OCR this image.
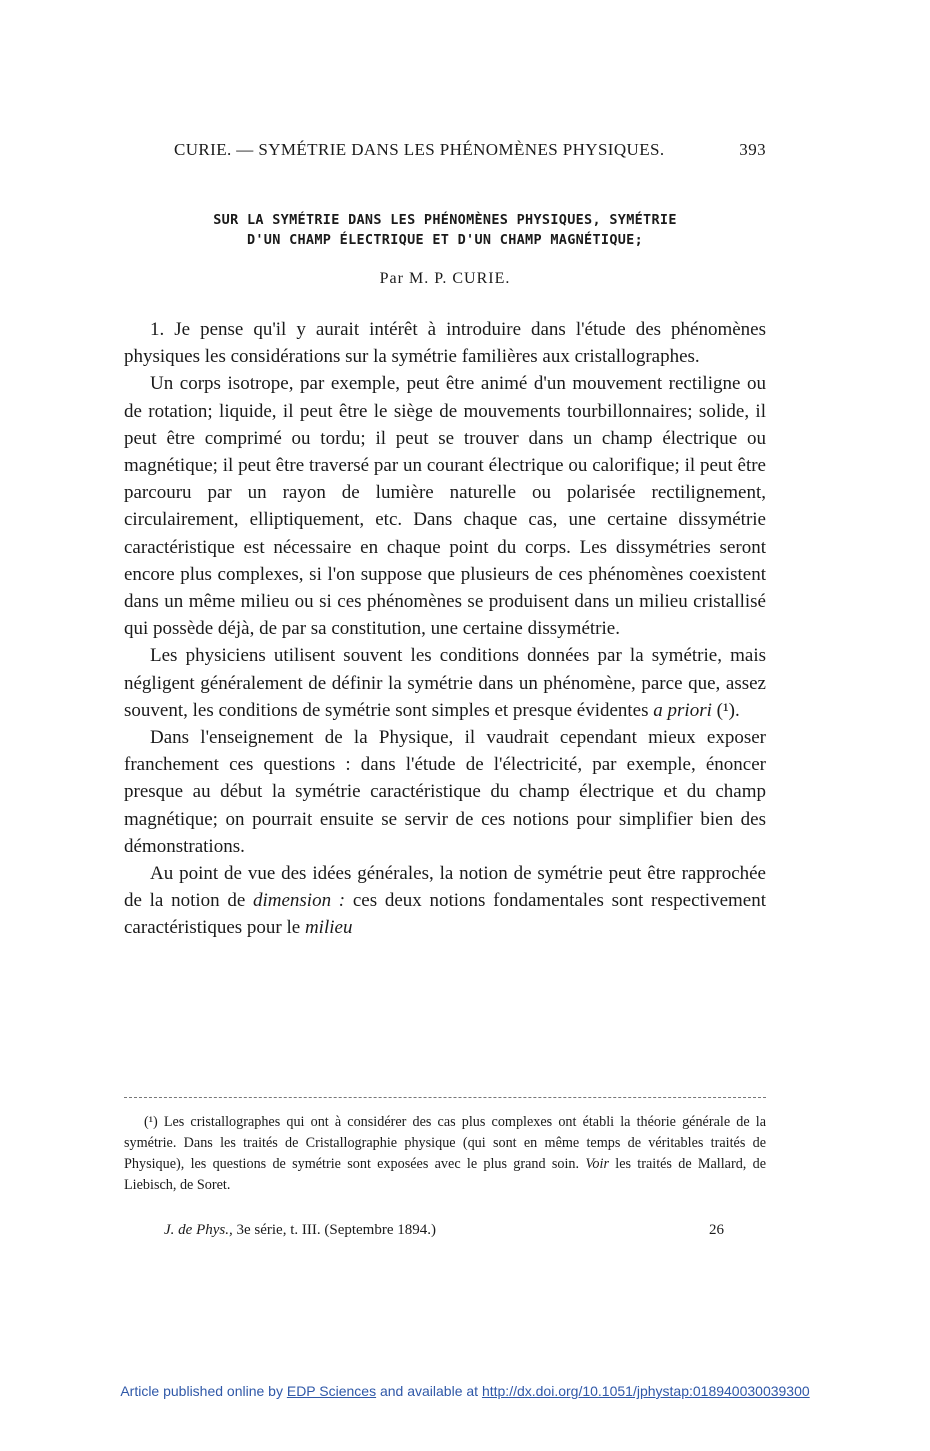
CURIE. — SYMÉTRIE DANS LES PHÉNOMÈNES PHYSIQUES.	393
SUR LA SYMÉTRIE DANS LES PHÉNOMÈNES PHYSIQUES, SYMÉTRIE
D'UN CHAMP ÉLECTRIQUE ET D'UN CHAMP MAGNÉTIQUE;
Par M. P. CURIE.

1. Je pense qu'il y aurait intérêt à introduire dans l'étude des phénomènes physiques les considérations sur la symétrie familières aux cristallographes.

Un corps isotrope, par exemple, peut être animé d'un mouvement rectiligne ou de rotation; liquide, il peut être le siège de mouvements tourbillonnaires; solide, il peut être comprimé ou tordu; il peut se trouver dans un champ électrique ou magnétique; il peut être traversé par un courant électrique ou calorifique; il peut être parcouru par un rayon de lumière naturelle ou polarisée rectilignement, circulairement, elliptiquement, etc. Dans chaque cas, une certaine dissymétrie caractéristique est nécessaire en chaque point du corps. Les dissymétries seront encore plus complexes, si l'on suppose que plusieurs de ces phénomènes coexistent dans un même milieu ou si ces phénomènes se produisent dans un milieu cristallisé qui possède déjà, de par sa constitution, une certaine dissymétrie.

Les physiciens utilisent souvent les conditions données par la symétrie, mais négligent généralement de définir la symétrie dans un phénomène, parce que, assez souvent, les conditions de symétrie sont simples et presque évidentes a priori (¹).

Dans l'enseignement de la Physique, il vaudrait cependant mieux exposer franchement ces questions : dans l'étude de l'électricité, par exemple, énoncer presque au début la symétrie caractéristique du champ électrique et du champ magnétique; on pourrait ensuite se servir de ces notions pour simplifier bien des démonstrations.

Au point de vue des idées générales, la notion de symétrie peut être rapprochée de la notion de dimension : ces deux notions fondamentales sont respectivement caractéristiques pour le milieu

(¹) Les cristallographes qui ont à considérer des cas plus complexes ont établi la théorie générale de la symétrie. Dans les traités de Cristallographie physique (qui sont en même temps de véritables traités de Physique), les questions de symétrie sont exposées avec le plus grand soin. Voir les traités de Mallard, de Liebisch, de Soret.

J. de Phys., 3e série, t. III. (Septembre 1894.)	26
Article published online by EDP Sciences and available at http://dx.doi.org/10.1051/jphystap:018940030039300
